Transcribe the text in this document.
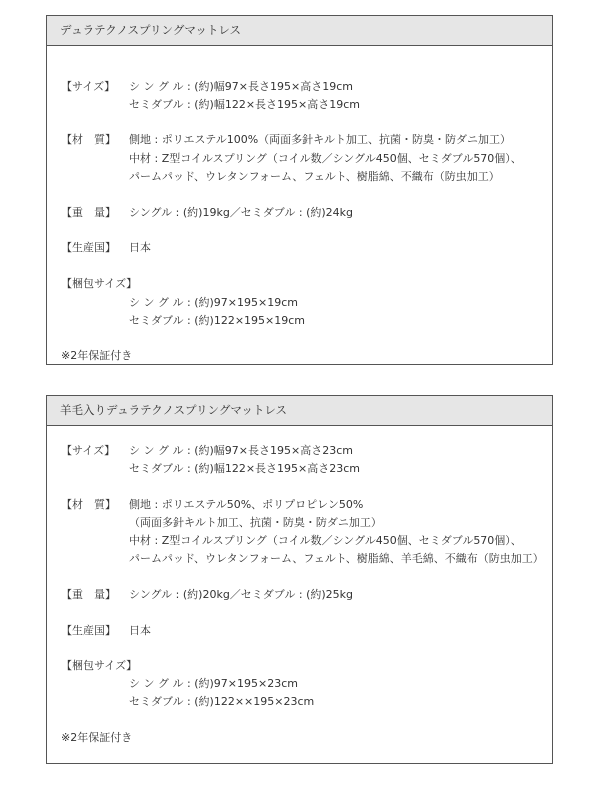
デュラテクノスプリングマットレス
【サイズ】 シ ン グ ル : (約)幅97×長さ195×高さ19cm
セミダブル : (約)幅122×長さ195×高さ19cm
【材　質】 側地 : ポリエステル100%（両面多針キルト加工、抗菌・防臭・防ダニ加工）
中材 : Z型コイルスプリング（コイル数／シングル450個、セミダブル570個）、
パームパッド、ウレタンフォーム、フェルト、樹脂綿、不織布（防虫加工）
【重　量】 シングル : (約)19kg／セミダブル : (約)24kg
【生産国】 日本
【梱包サイズ】
シ ン グ ル : (約)97×195×19cm
セミダブル : (約)122×195×19cm
※2年保証付き
羊毛入りデュラテクノスプリングマットレス
【サイズ】 シ ン グ ル : (約)幅97×長さ195×高さ23cm
セミダブル : (約)幅122×長さ195×高さ23cm
【材　質】 側地 : ポリエステル50%、ポリプロピレン50%
（両面多針キルト加工、抗菌・防臭・防ダニ加工）
中材 : Z型コイルスプリング（コイル数／シングル450個、セミダブル570個）、
パームパッド、ウレタンフォーム、フェルト、樹脂綿、羊毛綿、不織布（防虫加工）
【重　量】 シングル : (約)20kg／セミダブル : (約)25kg
【生産国】 日本
【梱包サイズ】
シ ン グ ル : (約)97×195×23cm
セミダブル : (約)122××195×23cm
※2年保証付き
